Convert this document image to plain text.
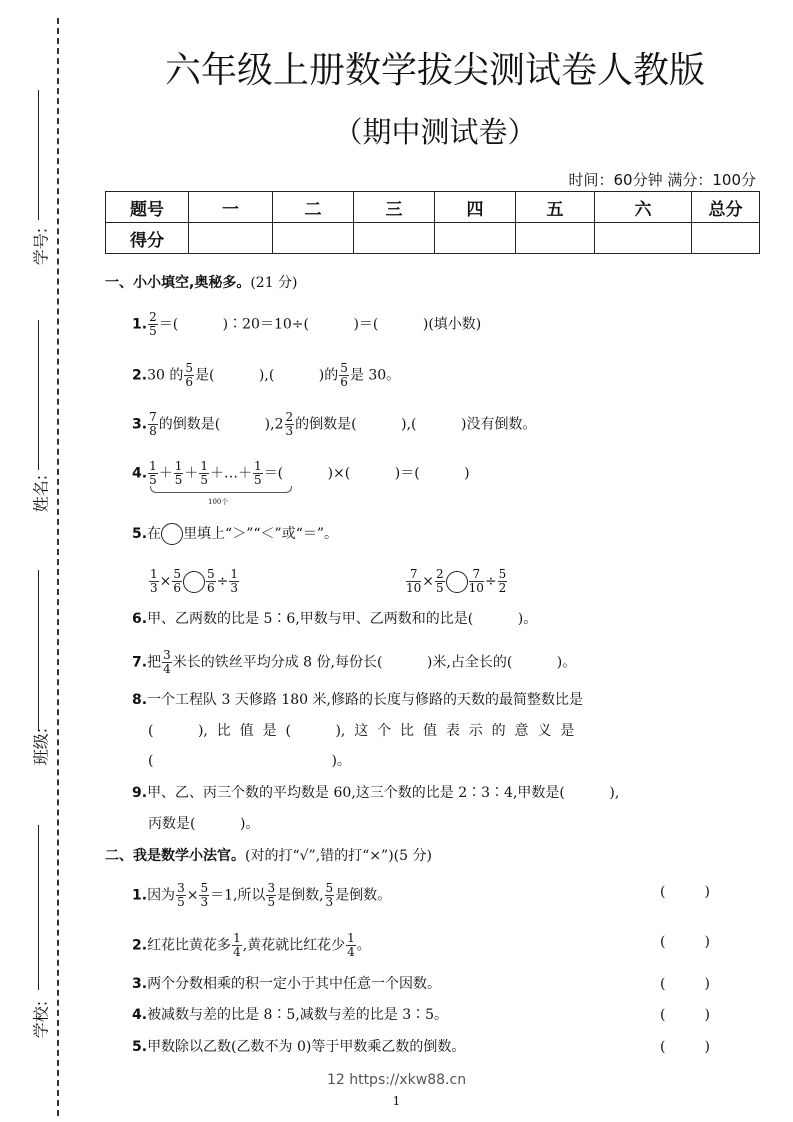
学号:
姓名:
班级:
学校:
六年级上册数学拔尖测试卷人教版
（期中测试卷）
时间：60分钟 满分：100分
题号	一	二	三	四	五	六	总分
得分							
一、小小填空,奥秘多。(21 分)
二、我是数学小法官。(对的打“√”,错的打“×”)(5 分)
1. $\frac{2}{5}$ ＝(          )∶20＝10÷(          )＝(          )(填小数)
2.30 的 $\frac{5}{6}$ 是(          ),(          )的 $\frac{5}{6}$ 是 30。
3. $\frac{7}{8}$ 的倒数是(          )$,2 \frac{2}{3}$ 的倒数是(          ),(          )没有倒数。
4. $\frac{1}{5} + \frac{1}{5} + \frac{1}{5}$ ＋…＋ $\frac{1}{5}$ ＝(          )×(          )＝(          )
5.在 里填上“＞”“＜”或“＝”。
$\frac{1}{3} \times \frac{5}{6} \frac{5}{6} \div \frac{1}{3}$	$\frac{7}{10} \times \frac{2}{5} \frac{7}{10} \div \frac{5}{2}$
6.甲、乙两数的比是 5∶6,甲数与甲、乙两数和的比是(          )。
7.把 $\frac{3}{4}$ 米长的铁丝平均分成 8 份,每份长(          )米,占全长的(          )。
8.一个工程队 3 天修路 180 米,修路的长度与修路的天数的最简整数比是
(          ),  比  值  是  (          ),  这  个  比  值  表  示  的  意  义  是
(                                        )。
9.甲、乙、丙三个数的平均数是 60,这三个数的比是 2∶3∶4,甲数是(          ),
丙数是(          )。
1.因为 $\frac{3}{5} \times \frac{5}{3} =1$,所以 $\frac{3}{5}$ 是倒数, $\frac{5}{3}$ 是倒数。	(	)
2.红花比黄花多 $\frac{1}{4}$ ,黄花就比红花少 $\frac{1}{4}$ 。	(	)
3.两个分数相乘的积一定小于其中任意一个因数。	(	)
4.被减数与差的比是 8∶5,减数与差的比是 3∶5。	(	)
5.甲数除以乙数(乙数不为 0)等于甲数乘乙数的倒数。	(	)
100个
12 https://xkw88.cn
1
